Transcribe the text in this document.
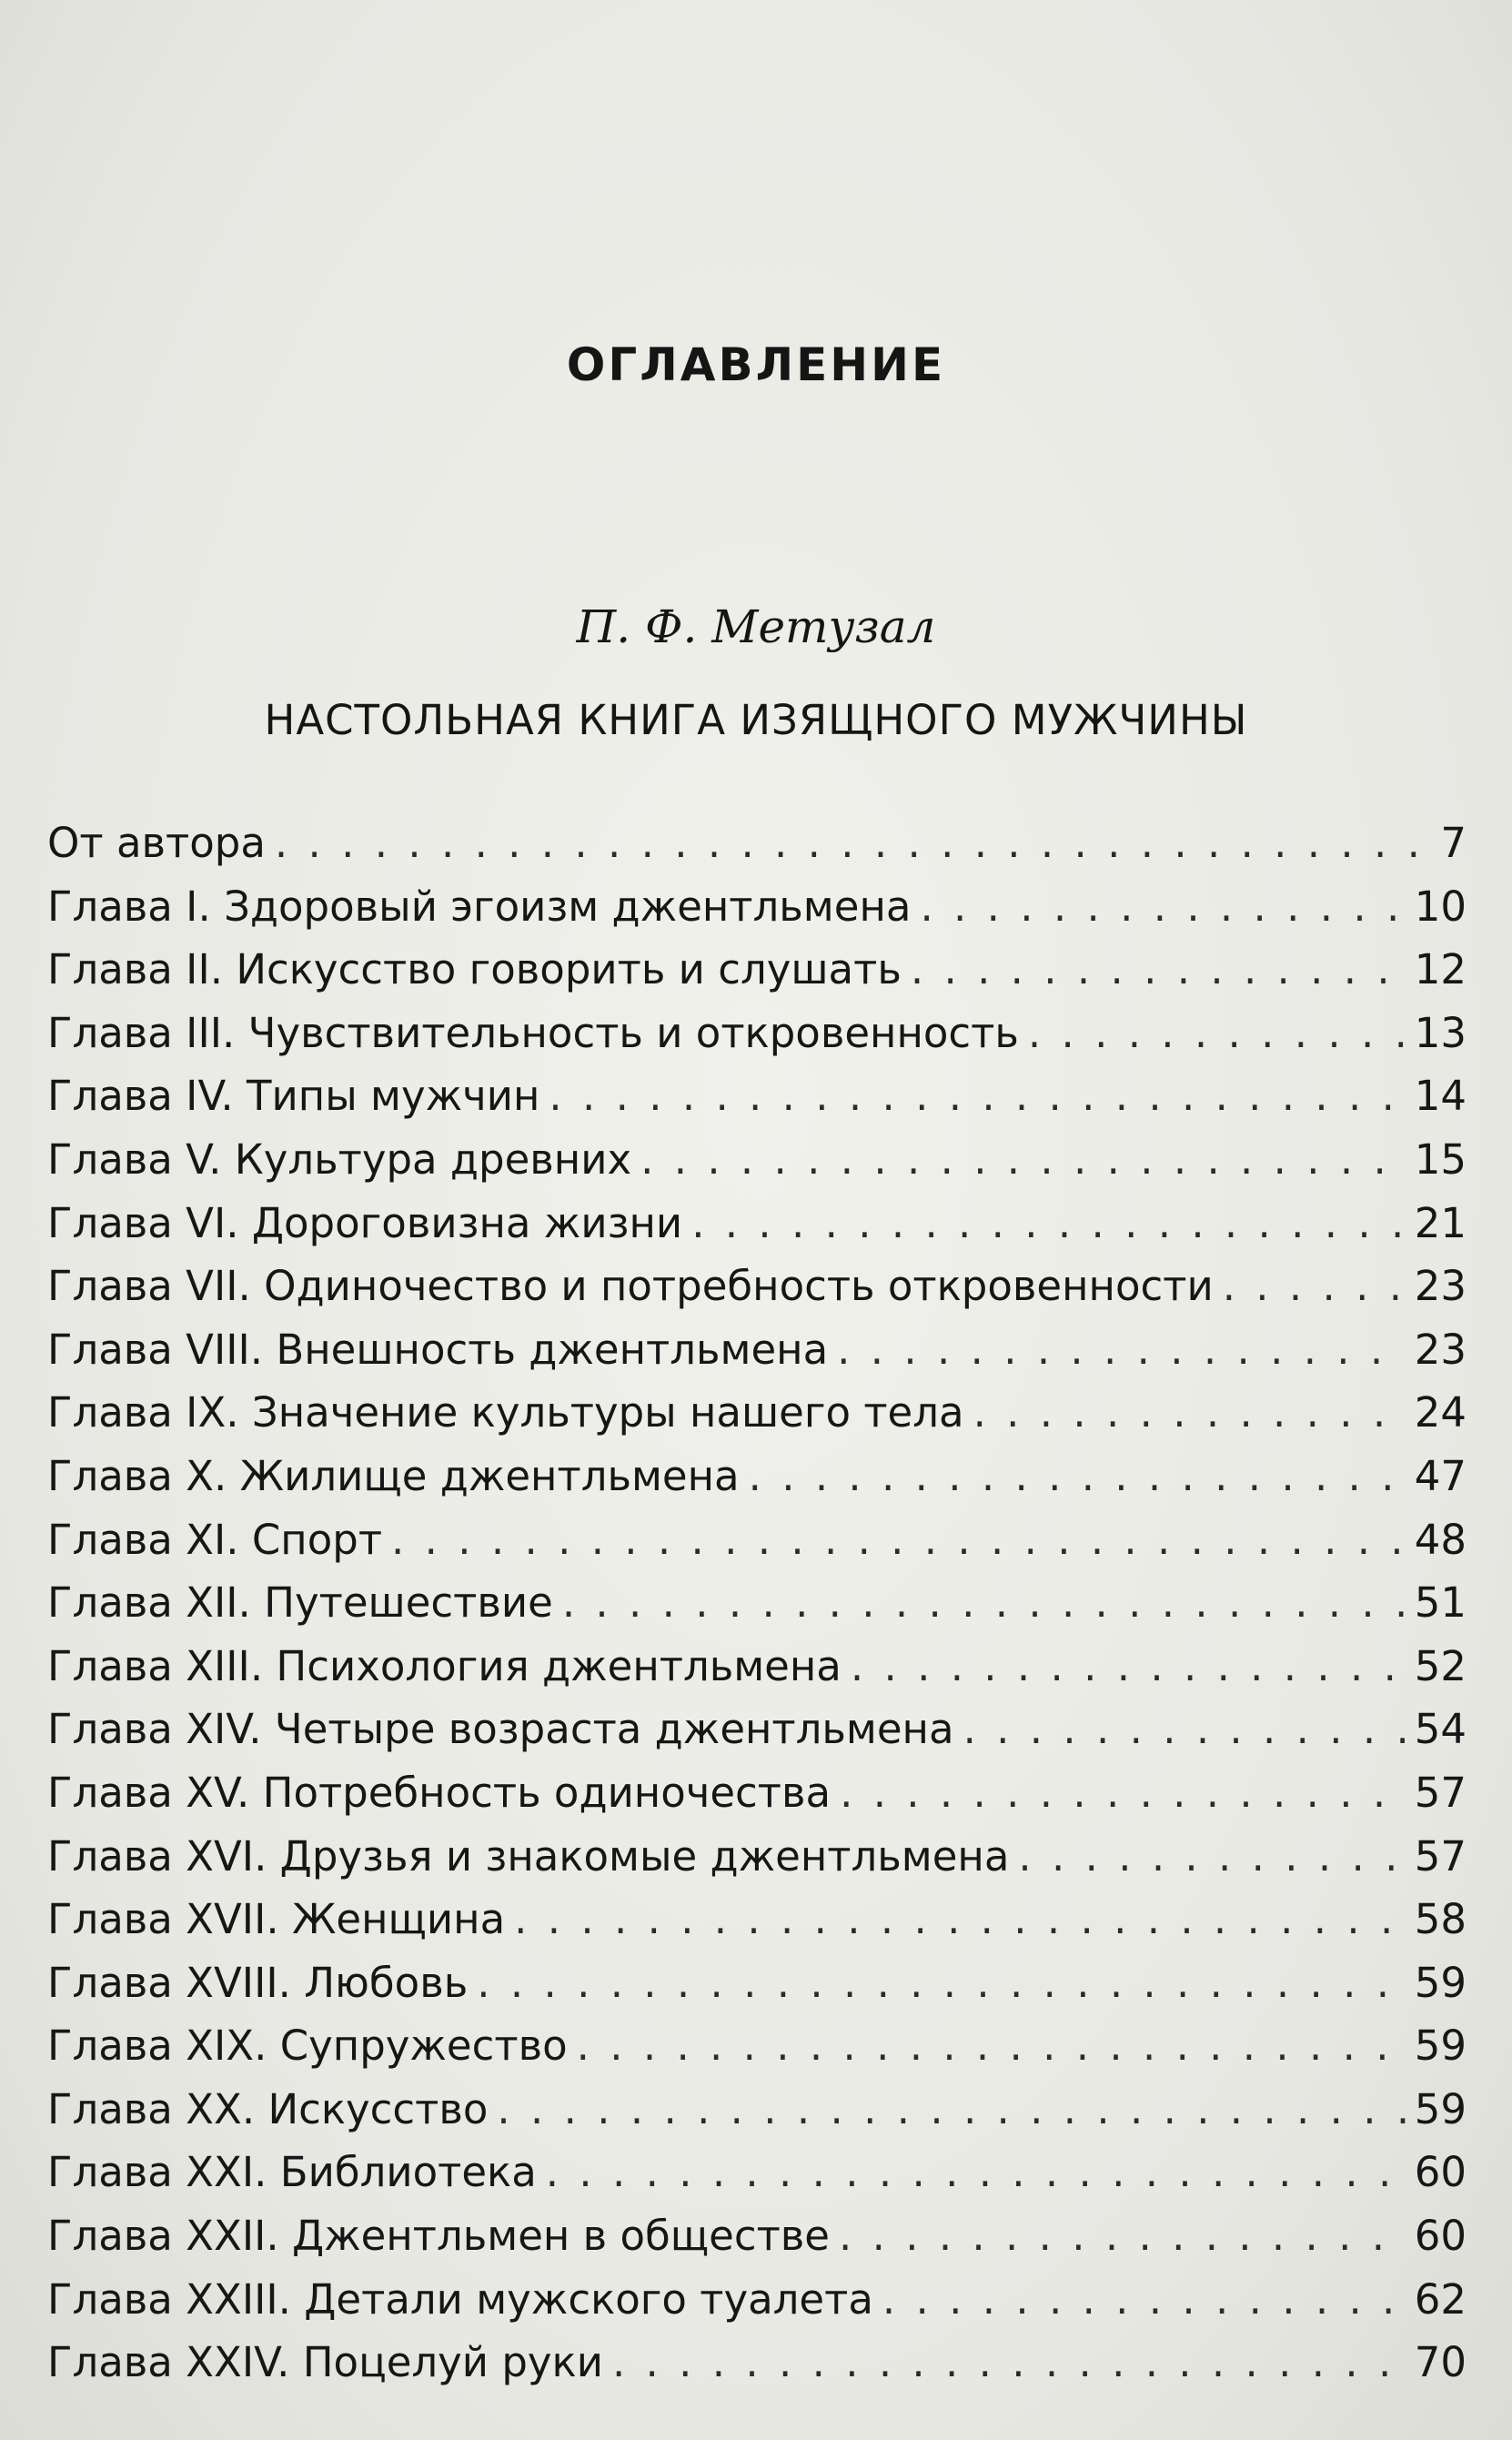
ОГЛАВЛЕНИЕ
П. Ф. Метузал
НАСТОЛЬНАЯ КНИГА ИЗЯЩНОГО МУЖЧИНЫ
От автора . . .	7
Глава I. Здоровый эгоизм джентльмена . . .	10
Глава II. Искусство говорить и слушать . . .	12
Глава III. Чувствительность и откровенность . . .	13
Глава IV. Типы мужчин . . .	14
Глава V. Культура древних . . .	15
Глава VI. Дороговизна жизни . . .	21
Глава VII. Одиночество и потребность откровенности . . .	23
Глава VIII. Внешность джентльмена . . .	23
Глава IX. Значение культуры нашего тела . . .	24
Глава X. Жилище джентльмена . . .	47
Глава XI. Спорт . . .	48
Глава XII. Путешествие . . .	51
Глава XIII. Психология джентльмена . . .	52
Глава XIV. Четыре возраста джентльмена . . .	54
Глава XV. Потребность одиночества . . .	57
Глава XVI. Друзья и знакомые джентльмена . . .	57
Глава XVII. Женщина . . .	58
Глава XVIII. Любовь . . .	59
Глава XIX. Супружество . . .	59
Глава XX. Искусство . . .	59
Глава XXI. Библиотека . . .	60
Глава XXII. Джентльмен в обществе . . .	60
Глава XXIII. Детали мужского туалета . . .	62
Глава XXIV. Поцелуй руки . . .	70
